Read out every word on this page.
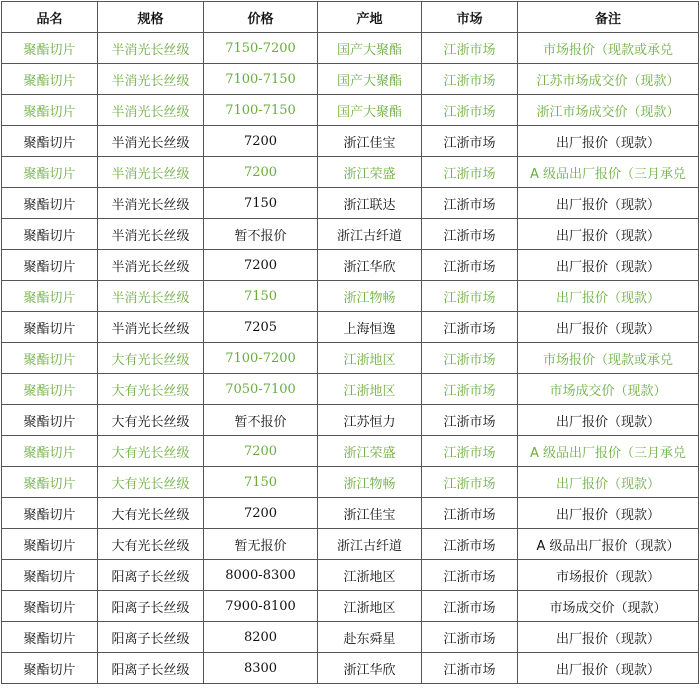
品名	规格	价格	产地	市场	备注
聚酯切片	半消光长丝级	7150-7200	国产大聚酯	江浙市场	市场报价（现款或承兑
聚酯切片	半消光长丝级	7100-7150	国产大聚酯	江浙市场	江苏市场成交价（现款）
聚酯切片	半消光长丝级	7100-7150	国产大聚酯	江浙市场	浙江市场成交价（现款）
聚酯切片	半消光长丝级	7200	浙江佳宝	江浙市场	出厂报价（现款）
聚酯切片	半消光长丝级	7200	浙江荣盛	江浙市场	A 级品出厂报价（三月承兑
聚酯切片	半消光长丝级	7150	浙江联达	江浙市场	出厂报价（现款）
聚酯切片	半消光长丝级	暂不报价	浙江古纤道	江浙市场	出厂报价（现款）
聚酯切片	半消光长丝级	7200	浙江华欣	江浙市场	出厂报价（现款）
聚酯切片	半消光长丝级	7150	浙江物畅	江浙市场	出厂报价（现款）
聚酯切片	半消光长丝级	7205	上海恒逸	江浙市场	出厂报价（现款）
聚酯切片	大有光长丝级	7100-7200	江浙地区	江浙市场	市场报价（现款或承兑
聚酯切片	大有光长丝级	7050-7100	江浙地区	江浙市场	市场成交价（现款）
聚酯切片	大有光长丝级	暂不报价	江苏恒力	江浙市场	出厂报价（现款）
聚酯切片	大有光长丝级	7200	浙江荣盛	江浙市场	A 级品出厂报价（三月承兑
聚酯切片	大有光长丝级	7150	浙江物畅	江浙市场	出厂报价（现款）
聚酯切片	大有光长丝级	7200	浙江佳宝	江浙市场	出厂报价（现款）
聚酯切片	大有光长丝级	暂无报价	浙江古纤道	江浙市场	A 级品出厂报价（现款）
聚酯切片	阳离子长丝级	8000-8300	江浙地区	江浙市场	市场报价（现款）
聚酯切片	阳离子长丝级	7900-8100	江浙地区	江浙市场	市场成交价（现款）
聚酯切片	阳离子长丝级	8200	赴东舜星	江浙市场	出厂报价（现款）
聚酯切片	阳离子长丝级	8300	浙江华欣	江浙市场	出厂报价（现款）
